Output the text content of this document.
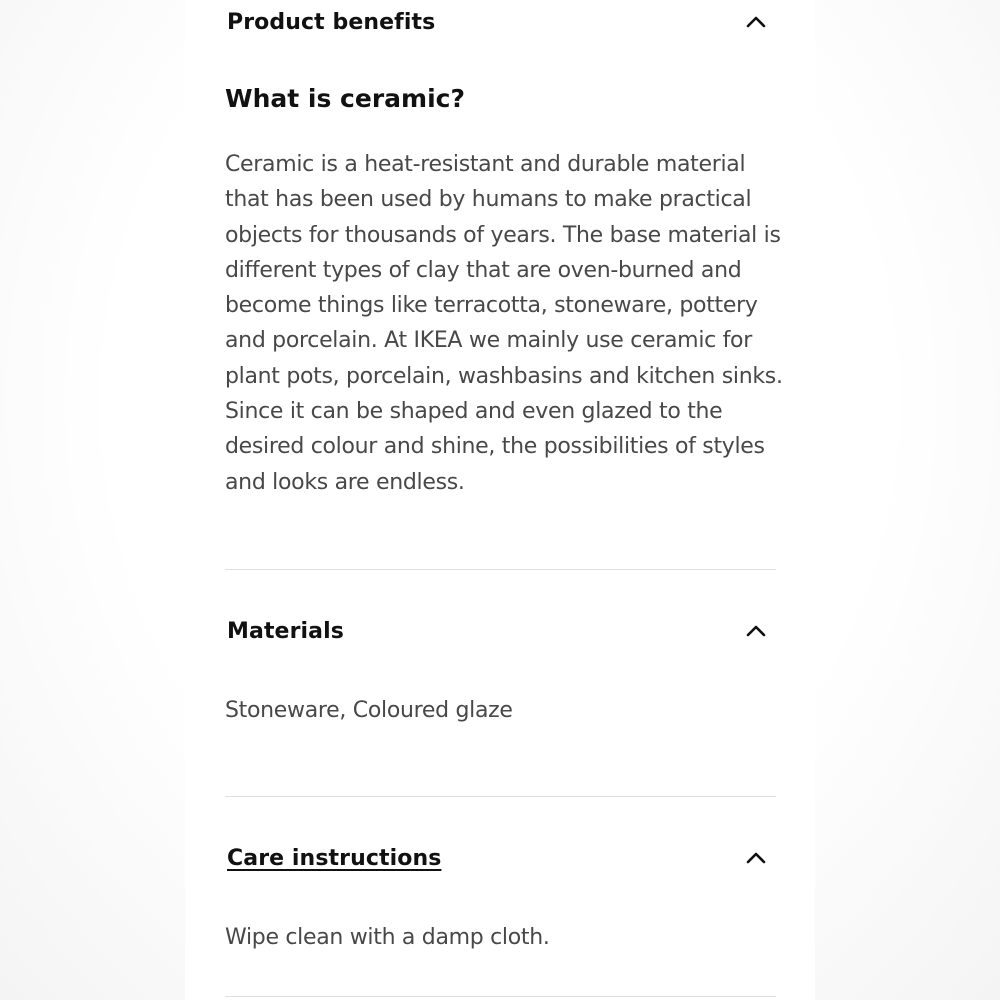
Product benefits
What is ceramic?
Ceramic is a heat-resistant and durable material that has been used by humans to make practical objects for thousands of years. The base material is different types of clay that are oven-burned and become things like terracotta, stoneware, pottery and porcelain. At IKEA we mainly use ceramic for plant pots, porcelain, washbasins and kitchen sinks. Since it can be shaped and even glazed to the desired colour and shine, the possibilities of styles and looks are endless.
Materials
Stoneware, Coloured glaze
Care instructions
Wipe clean with a damp cloth.
